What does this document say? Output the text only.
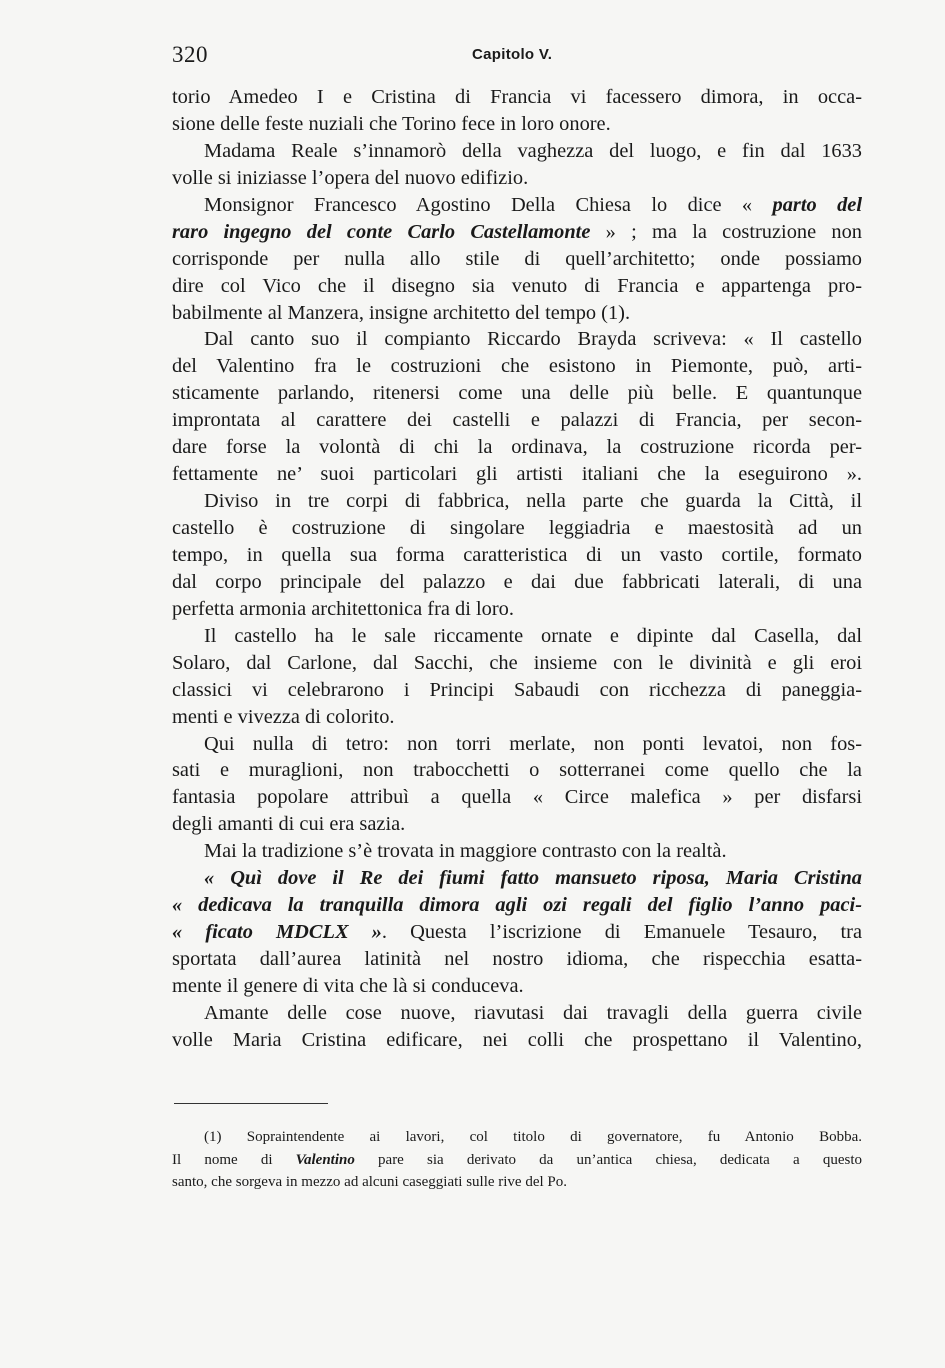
320	Capitolo V.
torio Amedeo I e Cristina di Francia vi facessero dimora, in occa-
sione delle feste nuziali che Torino fece in loro onore.
Madama Reale s’innamorò della vaghezza del luogo, e fin dal 1633
volle si iniziasse l’opera del nuovo edifizio.
Monsignor Francesco Agostino Della Chiesa lo dice « parto del
raro ingegno del conte Carlo Castellamonte » ; ma la costruzione non
corrisponde per nulla allo stile di quell’architetto; onde possiamo
dire col Vico che il disegno sia venuto di Francia e appartenga pro-
babilmente al Manzera, insigne architetto del tempo (1).
Dal canto suo il compianto Riccardo Brayda scriveva: « Il castello
del Valentino fra le costruzioni che esistono in Piemonte, può, arti-
sticamente parlando, ritenersi come una delle più belle. E quantunque
improntata al carattere dei castelli e palazzi di Francia, per secon-
dare forse la volontà di chi la ordinava, la costruzione ricorda per-
fettamente ne’ suoi particolari gli artisti italiani che la eseguirono ».
Diviso in tre corpi di fabbrica, nella parte che guarda la Città, il
castello è costruzione di singolare leggiadria e maestosità ad un
tempo, in quella sua forma caratteristica di un vasto cortile, formato
dal corpo principale del palazzo e dai due fabbricati laterali, di una
perfetta armonia architettonica fra di loro.
Il castello ha le sale riccamente ornate e dipinte dal Casella, dal
Solaro, dal Carlone, dal Sacchi, che insieme con le divinità e gli eroi
classici vi celebrarono i Principi Sabaudi con ricchezza di paneggia-
menti e vivezza di colorito.
Qui nulla di tetro: non torri merlate, non ponti levatoi, non fos-
sati e muraglioni, non trabocchetti o sotterranei come quello che la
fantasia popolare attribuì a quella « Circe malefica » per disfarsi
degli amanti di cui era sazia.
Mai la tradizione s’è trovata in maggiore contrasto con la realtà.
« Quì dove il Re dei fiumi fatto mansueto riposa, Maria Cristina
« dedicava la tranquilla dimora agli ozi regali del figlio l’anno paci-
« ficato MDCLX ». Questa l’iscrizione di Emanuele Tesauro, tra
sportata dall’aurea latinità nel nostro idioma, che rispecchia esatta-
mente il genere di vita che là si conduceva.
Amante delle cose nuove, riavutasi dai travagli della guerra civile
volle Maria Cristina edificare, nei colli che prospettano il Valentino,
(1) Sopraintendente ai lavori, col titolo di governatore, fu Antonio Bobba.
Il nome di Valentino pare sia derivato da un’antica chiesa, dedicata a questo
santo, che sorgeva in mezzo ad alcuni caseggiati sulle rive del Po.
